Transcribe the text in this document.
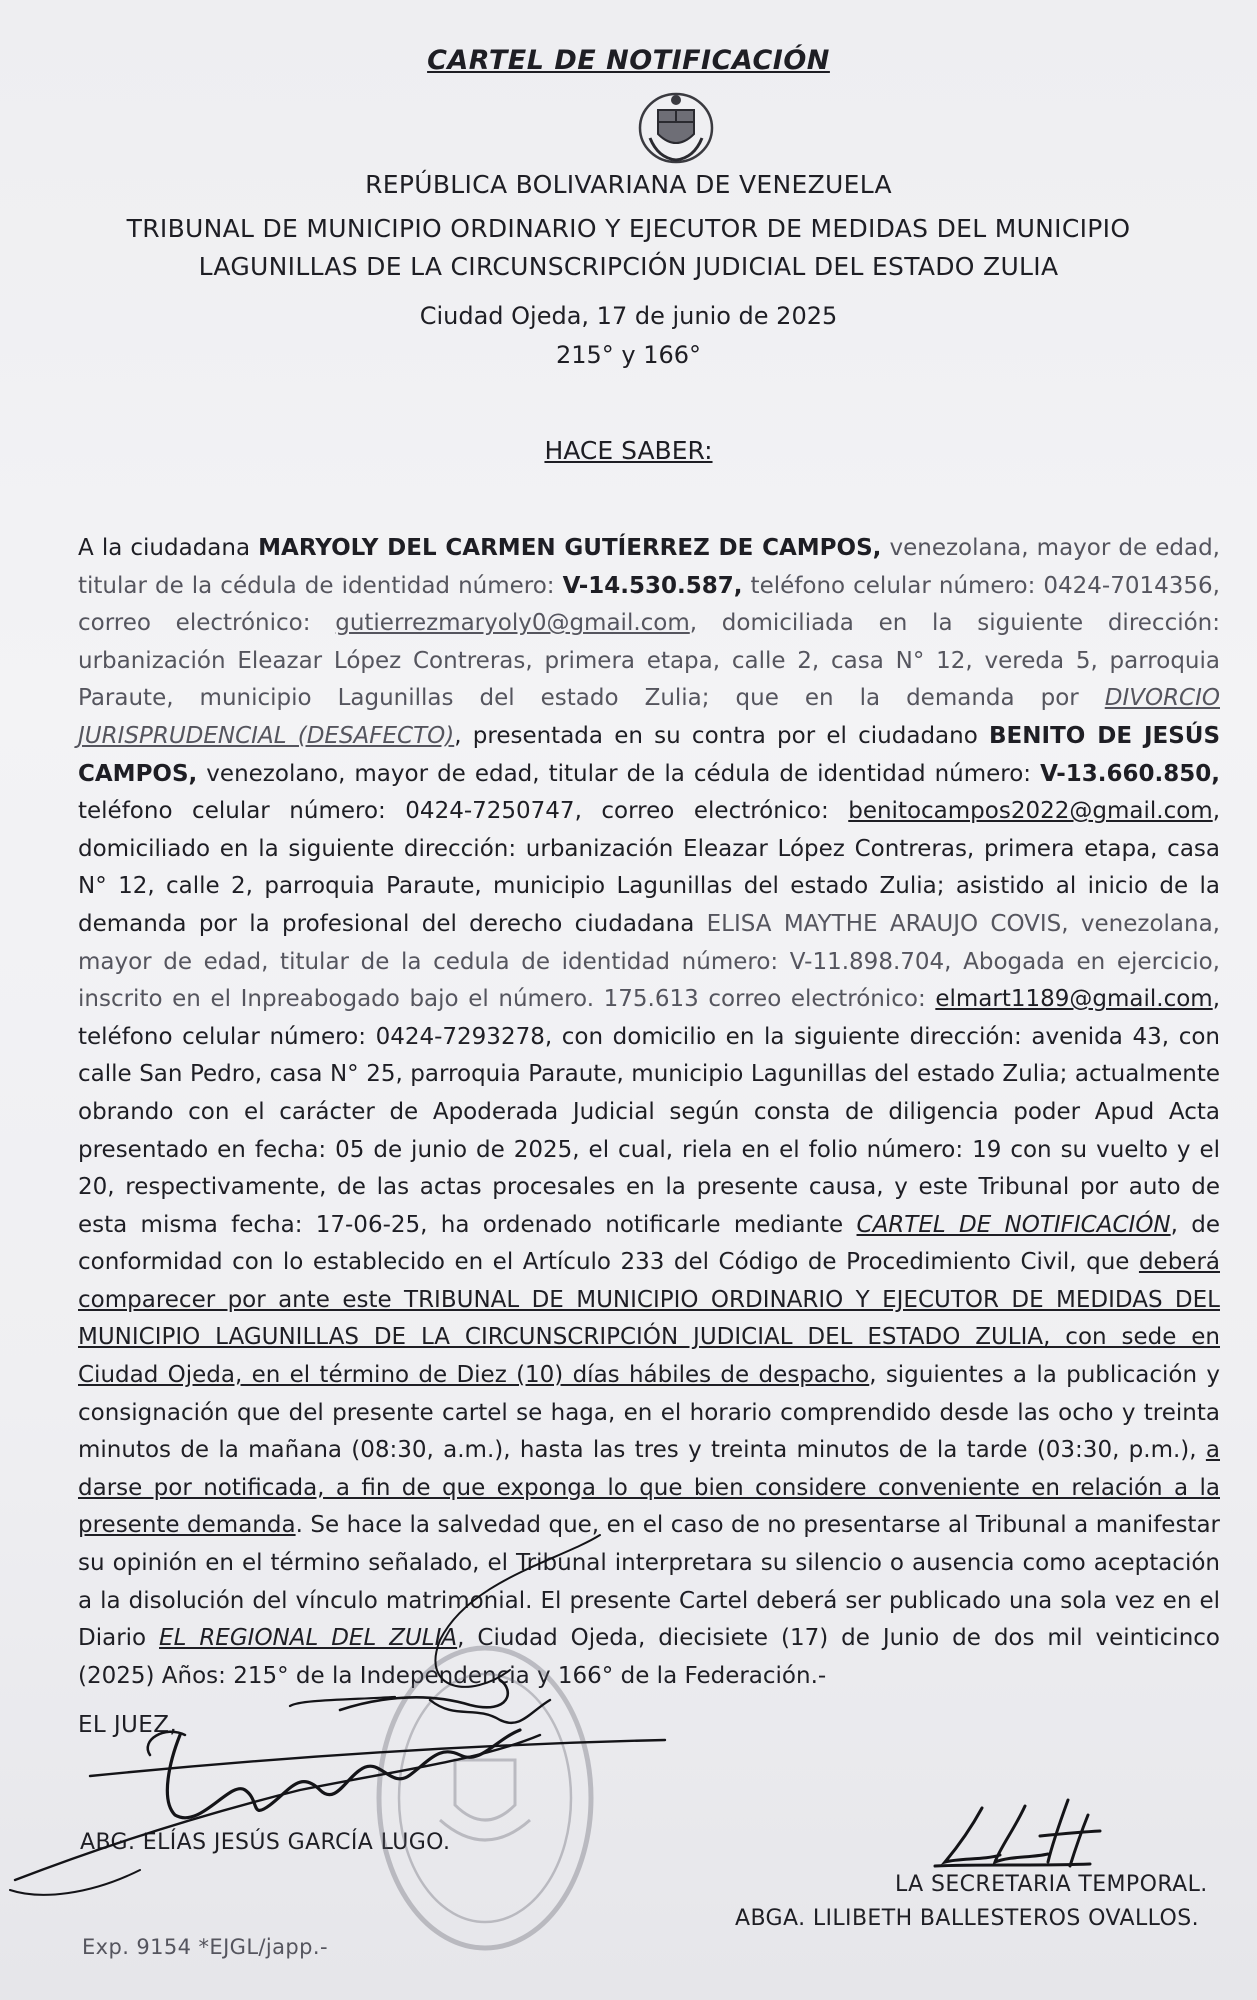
CARTEL DE NOTIFICACIÓN
REPÚBLICA BOLIVARIANA DE VENEZUELA
TRIBUNAL DE MUNICIPIO ORDINARIO Y EJECUTOR DE MEDIDAS DEL MUNICIPIO
LAGUNILLAS DE LA CIRCUNSCRIPCIÓN JUDICIAL DEL ESTADO ZULIA
Ciudad Ojeda, 17 de junio de 2025
215° y 166°
HACE SABER:

A la ciudadana MARYOLY DEL CARMEN GUTÍERREZ DE CAMPOS, venezolana, mayor de edad, titular de la cédula de identidad número: V-14.530.587, teléfono celular número: 0424-7014356, correo electrónico: gutierrezmaryoly0@gmail.com, domiciliada en la siguiente dirección: urbanización Eleazar López Contreras, primera etapa, calle 2, casa N° 12, vereda 5, parroquia Paraute, municipio Lagunillas del estado Zulia; que en la demanda por DIVORCIO JURISPRUDENCIAL (DESAFECTO), presentada en su contra por el ciudadano BENITO DE JESÚS CAMPOS, venezolano, mayor de edad, titular de la cédula de identidad número: V-13.660.850, teléfono celular número: 0424-7250747, correo electrónico: benitocampos2022@gmail.com, domiciliado en la siguiente dirección: urbanización Eleazar López Contreras, primera etapa, casa N° 12, calle 2, parroquia Paraute, municipio Lagunillas del estado Zulia; asistido al inicio de la demanda por la profesional del derecho ciudadana ELISA MAYTHE ARAUJO COVIS, venezolana, mayor de edad, titular de la cedula de identidad número: V-11.898.704, Abogada en ejercicio, inscrito en el Inpreabogado bajo el número. 175.613 correo electrónico: elmart1189@gmail.com, teléfono celular número: 0424-7293278, con domicilio en la siguiente dirección: avenida 43, con calle San Pedro, casa N° 25, parroquia Paraute, municipio Lagunillas del estado Zulia; actualmente obrando con el carácter de Apoderada Judicial según consta de diligencia poder Apud Acta presentado en fecha: 05 de junio de 2025, el cual, riela en el folio número: 19 con su vuelto y el 20, respectivamente, de las actas procesales en la presente causa, y este Tribunal por auto de esta misma fecha: 17-06-25, ha ordenado notificarle mediante CARTEL DE NOTIFICACIÓN, de conformidad con lo establecido en el Artículo 233 del Código de Procedimiento Civil, que deberá comparecer por ante este TRIBUNAL DE MUNICIPIO ORDINARIO Y EJECUTOR DE MEDIDAS DEL MUNICIPIO LAGUNILLAS DE LA CIRCUNSCRIPCIÓN JUDICIAL DEL ESTADO ZULIA, con sede en Ciudad Ojeda, en el término de Diez (10) días hábiles de despacho, siguientes a la publicación y consignación que del presente cartel se haga, en el horario comprendido desde las ocho y treinta minutos de la mañana (08:30, a.m.), hasta las tres y treinta minutos de la tarde (03:30, p.m.), a darse por notificada, a fin de que exponga lo que bien considere conveniente en relación a la presente demanda. Se hace la salvedad que, en el caso de no presentarse al Tribunal a manifestar su opinión en el término señalado, el Tribunal interpretara su silencio o ausencia como aceptación a la disolución del vínculo matrimonial. El presente Cartel deberá ser publicado una sola vez en el Diario EL REGIONAL DEL ZULIA, Ciudad Ojeda, diecisiete (17) de Junio de dos mil veinticinco (2025) Años: 215° de la Independencia y 166° de la Federación.-

EL JUEZ,
ABG. ELÍAS JESÚS GARCÍA LUGO.
LA SECRETARIA TEMPORAL.
ABGA. LILIBETH BALLESTEROS OVALLOS.
Exp. 9154 *EJGL/japp.-
